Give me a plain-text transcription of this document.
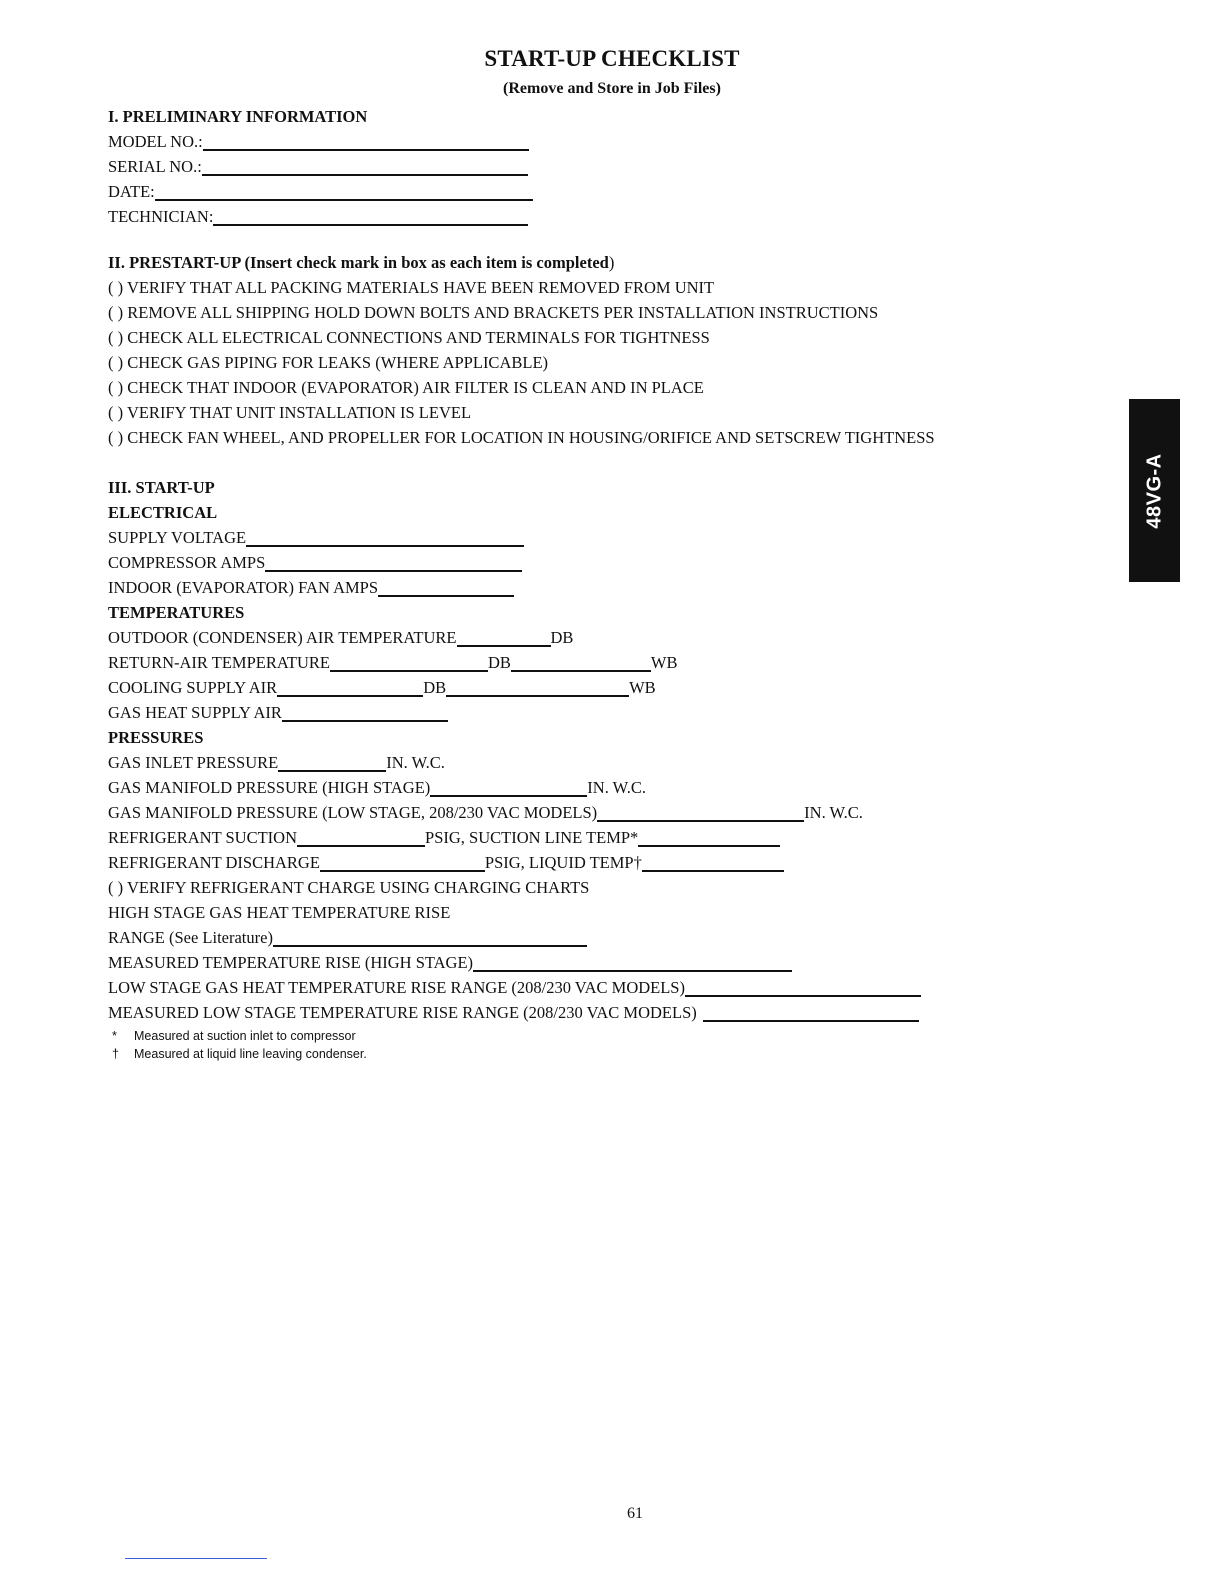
START-UP CHECKLIST
(Remove and Store in Job Files)
I. PRELIMINARY INFORMATION
MODEL NO.:
SERIAL NO.:
DATE:
TECHNICIAN:
II. PRESTART-UP (Insert check mark in box as each item is completed )
( ) VERIFY THAT ALL PACKING MATERIALS HAVE BEEN REMOVED FROM UNIT
( ) REMOVE ALL SHIPPING HOLD DOWN BOLTS AND BRACKETS PER INSTALLATION INSTRUCTIONS
( ) CHECK ALL ELECTRICAL CONNECTIONS AND TERMINALS FOR TIGHTNESS
( ) CHECK GAS PIPING FOR LEAKS (WHERE APPLICABLE)
( ) CHECK THAT INDOOR (EVAPORATOR) AIR FILTER IS CLEAN AND IN PLACE
( ) VERIFY THAT UNIT INSTALLATION IS LEVEL
( ) CHECK FAN WHEEL, AND PROPELLER FOR LOCATION IN HOUSING/ORIFICE AND SETSCREW TIGHTNESS
III. START-UP
ELECTRICAL
SUPPLY VOLTAGE
COMPRESSOR AMPS
INDOOR (EVAPORATOR) FAN AMPS
TEMPERATURES
OUTDOOR (CONDENSER) AIR TEMPERATURE	DB
RETURN-AIR TEMPERATURE	DB	WB
COOLING SUPPLY AIR	DB	WB
GAS HEAT SUPPLY AIR
PRESSURES
GAS INLET PRESSURE	IN. W.C.
GAS MANIFOLD PRESSURE (HIGH STAGE)	IN. W.C.
GAS MANIFOLD PRESSURE (LOW STAGE, 208/230 VAC MODELS)	IN. W.C.
REFRIGERANT SUCTION	PSIG, SUCTION LINE TEMP*
REFRIGERANT DISCHARGE	PSIG, LIQUID TEMP†
( ) VERIFY REFRIGERANT CHARGE USING CHARGING CHARTS
HIGH STAGE GAS HEAT TEMPERATURE RISE
RANGE (See Literature)
MEASURED TEMPERATURE RISE (HIGH STAGE)
LOW STAGE GAS HEAT TEMPERATURE RISE RANGE (208/230 VAC MODELS)
MEASURED LOW STAGE TEMPERATURE RISE RANGE (208/230 VAC MODELS)
* Measured at suction inlet to compressor
† Measured at liquid line leaving condenser.
48VG-A
61
